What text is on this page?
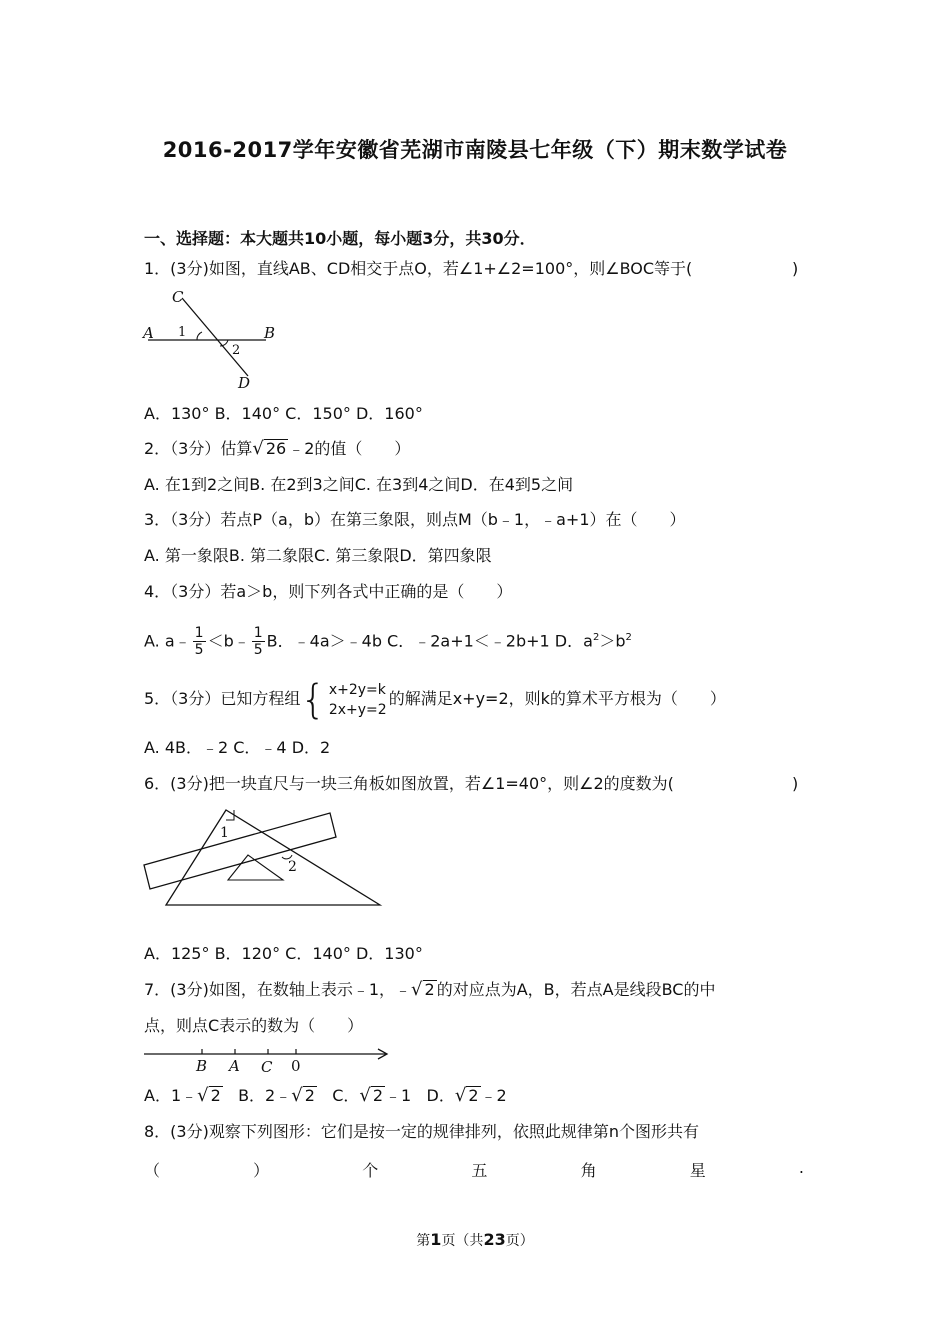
2016-2017学年安徽省芜湖市南陵县七年级（下）期末数学试卷
一、选择题：本大题共10小题，每小题3分，共30分．
1．(3分)如图，直线AB、CD相交于点O，若∠1+∠2=100°，则∠BOC等于(	)
A	B
C
D
1
2
A．130° B．140° C．150° D．160°
2．（3分）估算√ 26 ﹣2的值（　　）
A. 在1到2之间B. 在2到3之间C. 在3到4之间D．在4到5之间
3．（3分）若点P（a，b）在第三象限，则点M（b﹣1，﹣a+1）在（　　）
A. 第一象限B. 第二象限C. 第三象限D．第四象限
4．（3分）若a＞b，则下列各式中正确的是（　　）
A. a﹣ $\frac{1}{5}$ ＜b﹣ $\frac{1}{5}$ B．﹣4a＞﹣4b C．﹣2a+1＜﹣2b+1 D．$a^2>b^2$
5．（3分）已知方程组 { x+2y=k
2x+y=2
的解满足x+y=2，则k的算术平方根为（　　）
A. 4B．﹣2 C．﹣4 D．2
6．(3分)把一块直尺与一块三角板如图放置，若∠1=40°，则∠2的度数为(	)
1
2
A．125° B．120° C．140° D．130°
7．(3分)如图，在数轴上表示﹣1，﹣√ 2 的对应点为A，B，若点A是线段BC的中
点，则点C表示的数为（　　）
B A C 0
A．1﹣√ 2 B．2﹣√ 2 C．√ 2 ﹣1 D．√ 2 ﹣2
8．(3分)观察下列图形：它们是按一定的规律排列，依照此规律第n个图形共有
（	）	个	五	角	星	.
第1页（共23页）
